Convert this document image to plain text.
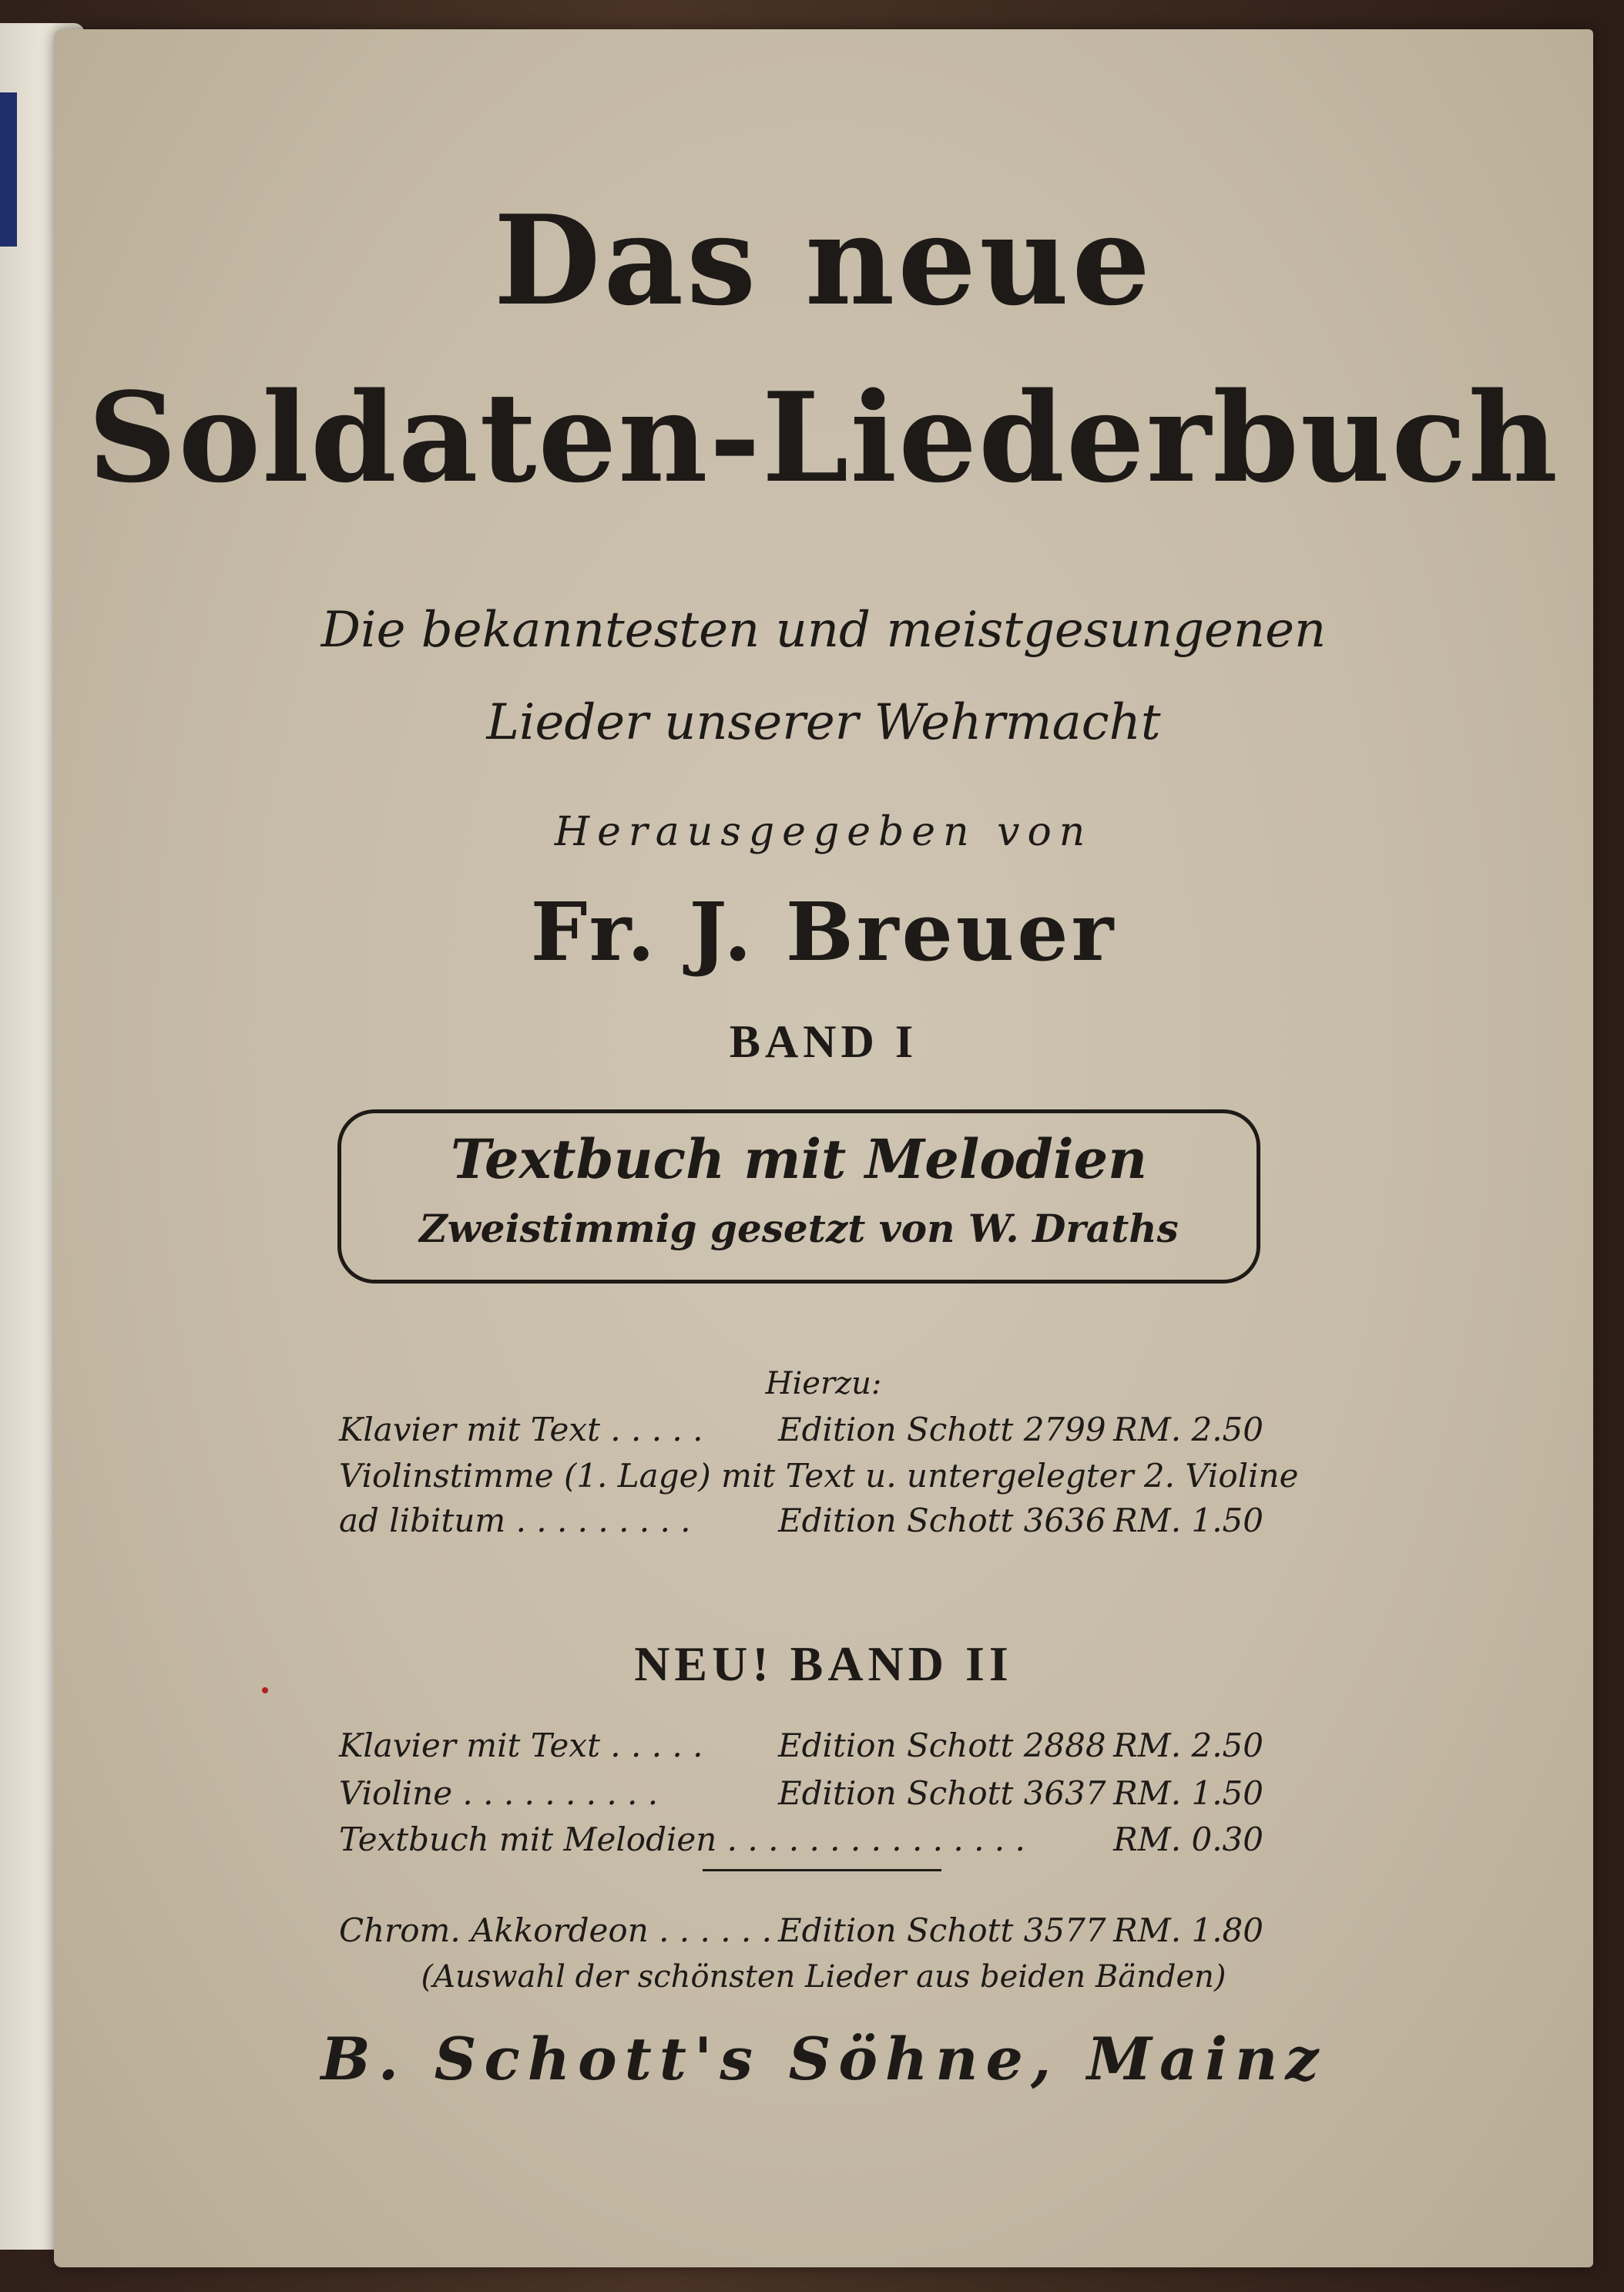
Das neue
Soldaten-Liederbuch
Die bekanntesten und meistgesungenen
Lieder unserer Wehrmacht
Herausgegeben von
Fr. J. Breuer
BAND I
Textbuch mit Melodien
Zweistimmig gesetzt von W. Draths
Hierzu:
Klavier mit Text . . . . . Edition Schott 2799 RM. 2.50
Violinstimme (1. Lage) mit Text u. untergelegter 2. Violine
ad libitum . . . . . . . . .	Edition Schott 3636 RM. 1.50
NEU! BAND II
Klavier mit Text . . . . . Edition Schott 2888 RM. 2.50
Violine . . . . . . . . . .	Edition Schott 3637 RM. 1.50
Textbuch mit Melodien . . . . . . . . . . . . . . .	RM. 0.30
Chrom. Akkordeon . . . . . . Edition Schott 3577 RM. 1.80
(Auswahl der schönsten Lieder aus beiden Bänden)
B. Schott's Söhne, Mainz
